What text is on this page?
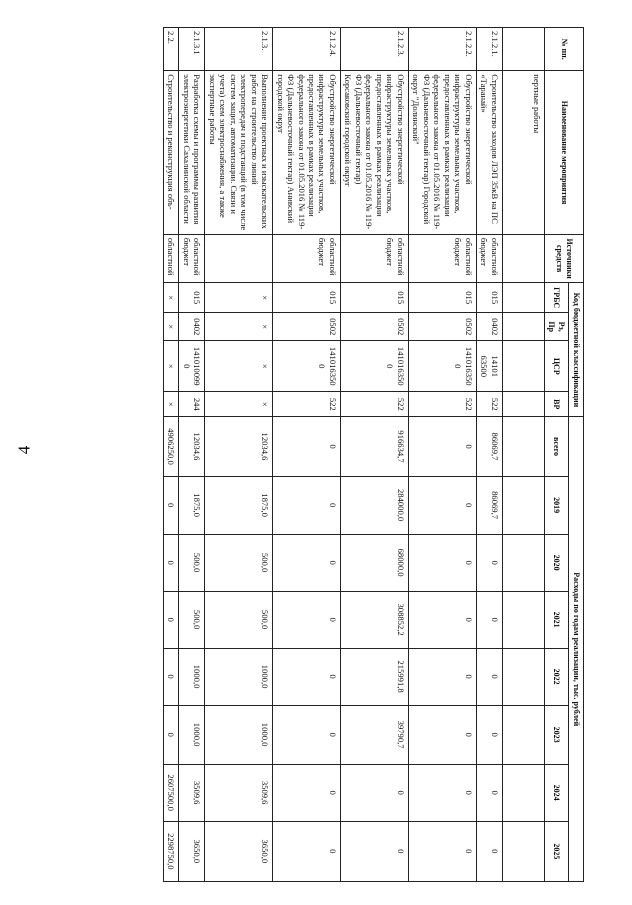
4
№ пп.	Наименование мероприятия	Источники средств	Код бюджетной классификации				Расходы по годам реализации, тыс. рублей							
			ГРБС	Рз, Пр	ЦСР	ВР	всего	2019	2020	2021	2022	2023	2024	2025
	пертные работы													
2.1.2.1.	Строительство заходов ЛЭП 35кВ на ПС «Таранай»	областной бюджет	015	0402	14101 63500	522	86069,7	86069,7	0	0	0	0	0	0
2.1.2.2.	Обустройство энергетической инфраструктуры земельных участков, предоставленных в рамках реализации федерального закона от 01.05.2016 № 119-ФЗ (Дальневосточный гектар) Городской округ "Долинский"	областной бюджет	015	0502	141016350 0	522	0	0	0	0	0	0	0	0
2.1.2.3.	Обустройство энергетической инфраструктуры земельных участков, предоставленных в рамках реализации федерального закона от 01.05.2016 № 119-ФЗ (Дальневосточный гектар) Корсаковский городской округ	областной бюджет	015	0502	141016350 0	522	916634,7	284000,0	68000,0	308852,2	215991,8	39790,7	0	0
2.1.2.4.	Обустройство энергетической инфраструктуры земельных участков, предоставленных в рамках реализации федерального закона от 01.05.2016 № 119-ФЗ (Дальневосточный гектар) Анивский городской округ	областной бюджет	015	0502	141016350 0	522	0	0	0	0	0	0	0	0
2.1.3.	Выполнение проектных и изыскательских работ на строительство линий электропередач и подстанций (в том числе систем защит, автоматизации. Связи и учета) схем электроснабжения, а также экспертные работы		×	×	×	×	12034,6	1875,0	500,0	500,0	1000,0	1000,0	3509,6	3650,0
2.1.3.1	Разработка схемы и программы развития электроэнергетики Сахалинской области	областной бюджет	015	0402	141010099 0	244	12034,6	1875,0	500,0	500,0	1000,0	1000,0	3509,6	3650,0
2.2.	Строительство и реконструкция объ-	областной	×	×	×	×	4906250,0	0	0	0	0	0	2607500,0	2298750,0
